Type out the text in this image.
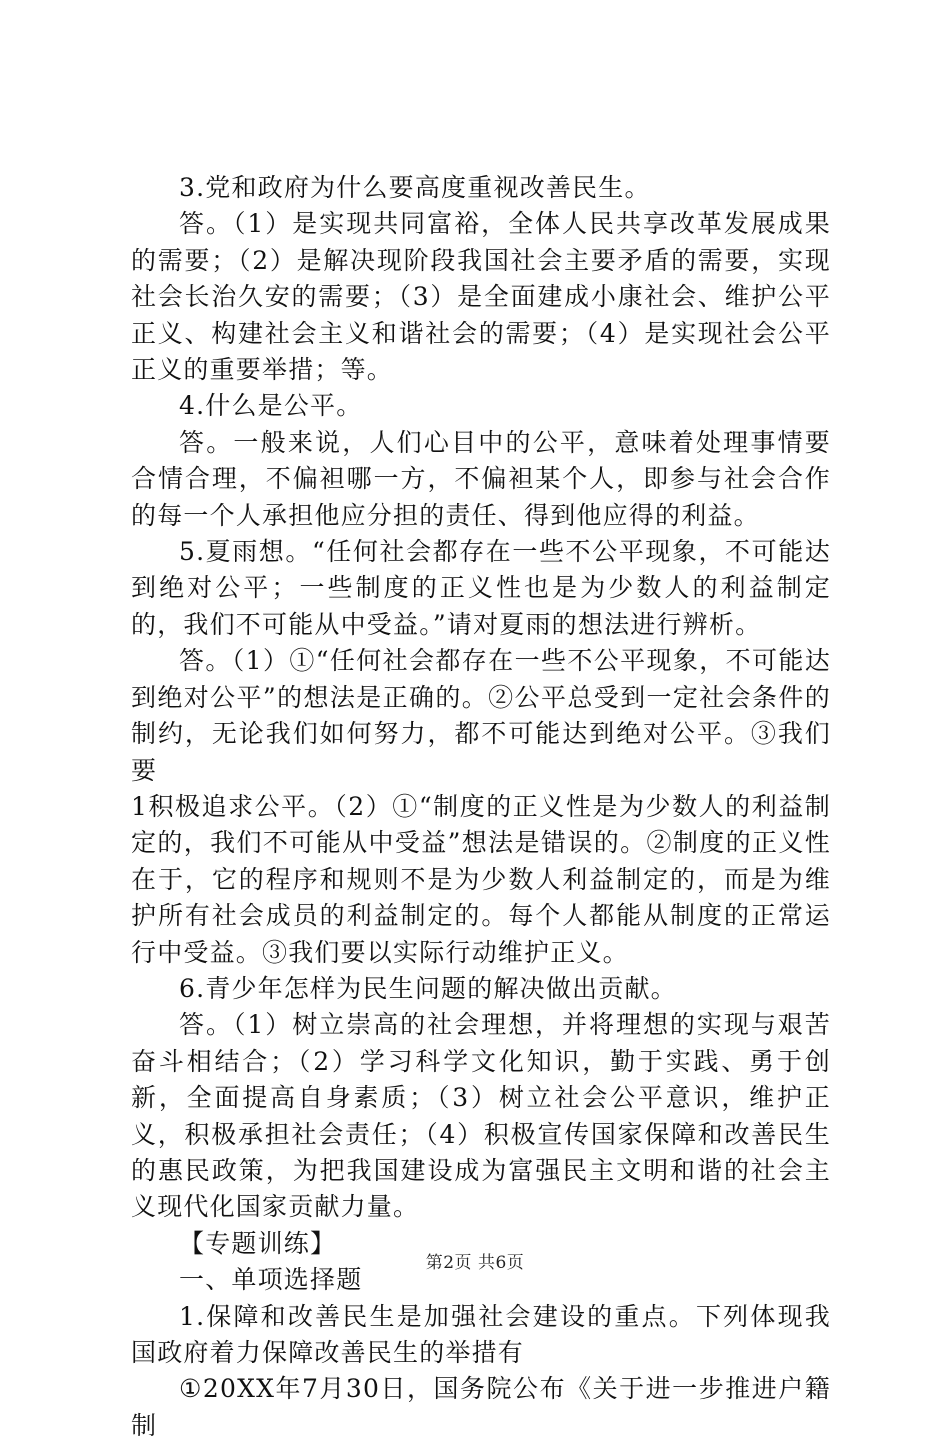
3.党和政府为什么要高度重视改善民生。

答。（1）是实现共同富裕，全体人民共享改革发展成果的需要；（2）是解决现阶段我国社会主要矛盾的需要，实现社会长治久安的需要；（3）是全面建成小康社会、维护公平正义、构建社会主义和谐社会的需要；（4）是实现社会公平正义的重要举措；等。

4.什么是公平。

答。一般来说，人们心目中的公平，意味着处理事情要合情合理，不偏袒哪一方，不偏袒某个人，即参与社会合作的每一个人承担他应分担的责任、得到他应得的利益。

5.夏雨想。“任何社会都存在一些不公平现象，不可能达到绝对公平；一些制度的正义性也是为少数人的利益制定的，我们不可能从中受益。”请对夏雨的想法进行辨析。

答。（1）①“任何社会都存在一些不公平现象，不可能达到绝对公平”的想法是正确的。②公平总受到一定社会条件的制约，无论我们如何努力，都不可能达到绝对公平。③我们要

1积极追求公平。（2）①“制度的正义性是为少数人的利益制定的，我们不可能从中受益”想法是错误的。②制度的正义性在于，它的程序和规则不是为少数人利益制定的，而是为维护所有社会成员的利益制定的。每个人都能从制度的正常运行中受益。③我们要以实际行动维护正义。

6.青少年怎样为民生问题的解决做出贡献。

答。（1）树立崇高的社会理想，并将理想的实现与艰苦奋斗相结合；（2）学习科学文化知识，勤于实践、勇于创新，全面提高自身素质；（3）树立社会公平意识，维护正义，积极承担社会责任；（4）积极宣传国家保障和改善民生的惠民政策，为把我国建设成为富强民主文明和谐的社会主义现代化国家贡献力量。

【专题训练】

一、单项选择题

1.保障和改善民生是加强社会建设的重点。下列体现我国政府着力保障改善民生的举措有

①20XX年7月30日，国务院公布《关于进一步推进户籍制

第2页 共6页
